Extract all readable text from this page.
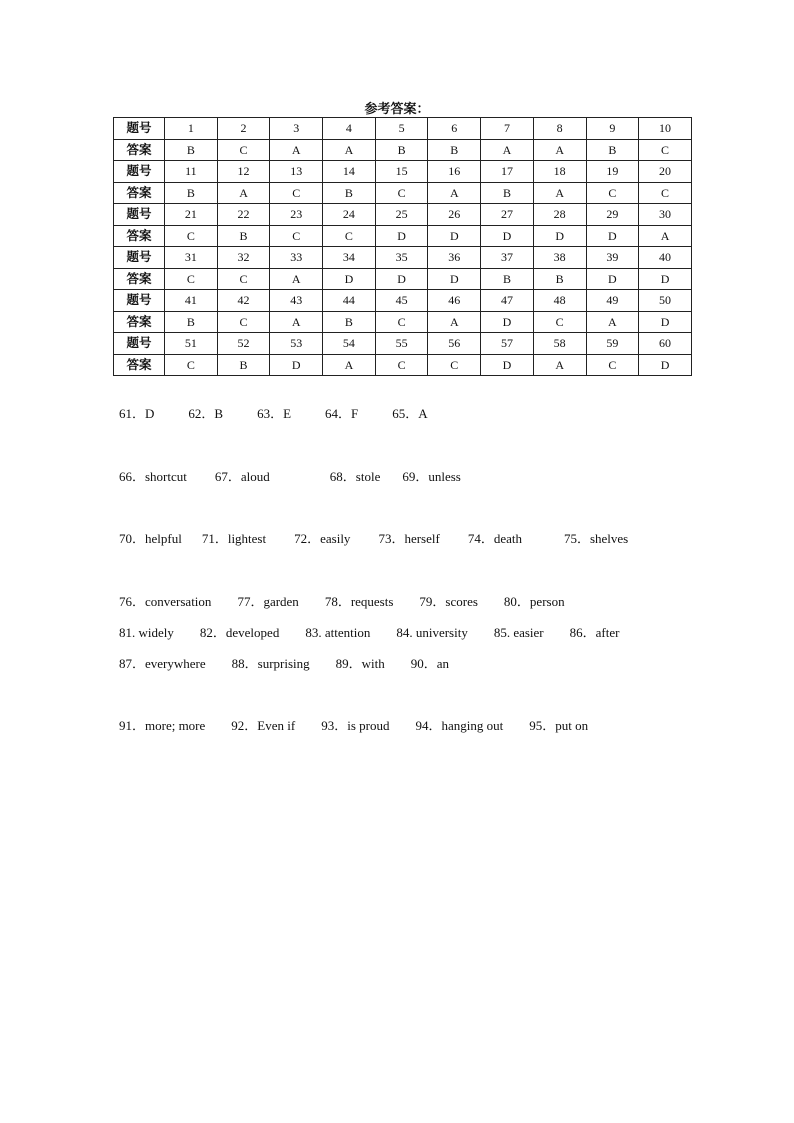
参考答案：
题号	1	2	3	4	5	6	7	8	9	10
答案	B	C	A	A	B	B	A	A	B	C
题号	11	12	13	14	15	16	17	18	19	20
答案	B	A	C	B	C	A	B	A	C	C
题号	21	22	23	24	25	26	27	28	29	30
答案	C	B	C	C	D	D	D	D	D	A
题号	31	32	33	34	35	36	37	38	39	40
答案	C	C	A	D	D	D	B	B	D	D
题号	41	42	43	44	45	46	47	48	49	50
答案	B	C	A	B	C	A	D	C	A	D
题号	51	52	53	54	55	56	57	58	59	60
答案	C	B	D	A	C	C	D	A	C	D
61．D	62．B	63．E	64．F	65．A
66．shortcut 67．aloud	68．stole 69．unless
70．helpful 71．lightest 72．easily 73．herself 74．death	75．shelves
76．conversation 77．garden 78．requests 79．scores 80．person
81. widely 82．developed 83. attention 84. university 85. easier 86．after
87．everywhere 88．surprising 89．with 90．an
91．more; more 92．Even if 93．is proud 94．hanging out 95．put on
